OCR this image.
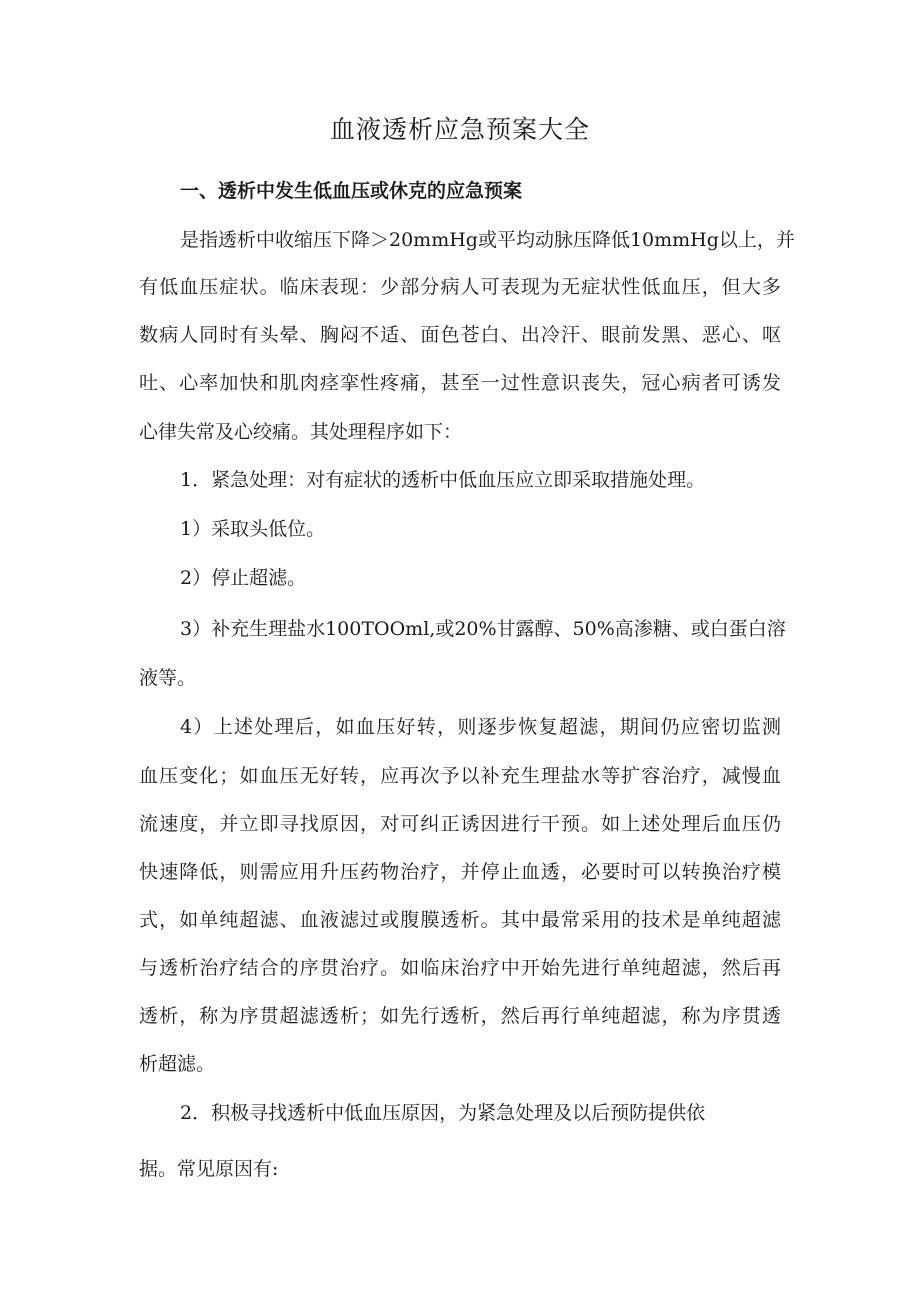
血液透析应急预案大全
一、透析中发生低血压或休克的应急预案

是指透析中收缩压下降＞20mmHg或平均动脉压降低10mmHg以上，并

有低血压症状。临床表现：少部分病人可表现为无症状性低血压，但大多

数病人同时有头晕、胸闷不适、面色苍白、出冷汗、眼前发黑、恶心、呕

吐、心率加快和肌肉痉挛性疼痛，甚至一过性意识丧失，冠心病者可诱发

心律失常及心绞痛。其处理程序如下：

1．紧急处理：对有症状的透析中低血压应立即采取措施处理。

1）采取头低位。

2）停止超滤。

3）补充生理盐水100TOOml,或20%甘露醇、50%高渗糖、或白蛋白溶

液等。

4）上述处理后，如血压好转，则逐步恢复超滤，期间仍应密切监测

血压变化；如血压无好转，应再次予以补充生理盐水等扩容治疗，减慢血

流速度，并立即寻找原因，对可纠正诱因进行干预。如上述处理后血压仍

快速降低，则需应用升压药物治疗，并停止血透，必要时可以转换治疗模

式，如单纯超滤、血液滤过或腹膜透析。其中最常采用的技术是单纯超滤

与透析治疗结合的序贯治疗。如临床治疗中开始先进行单纯超滤，然后再

透析，称为序贯超滤透析；如先行透析，然后再行单纯超滤，称为序贯透

析超滤。

2．积极寻找透析中低血压原因，为紧急处理及以后预防提供依

据。常见原因有:
